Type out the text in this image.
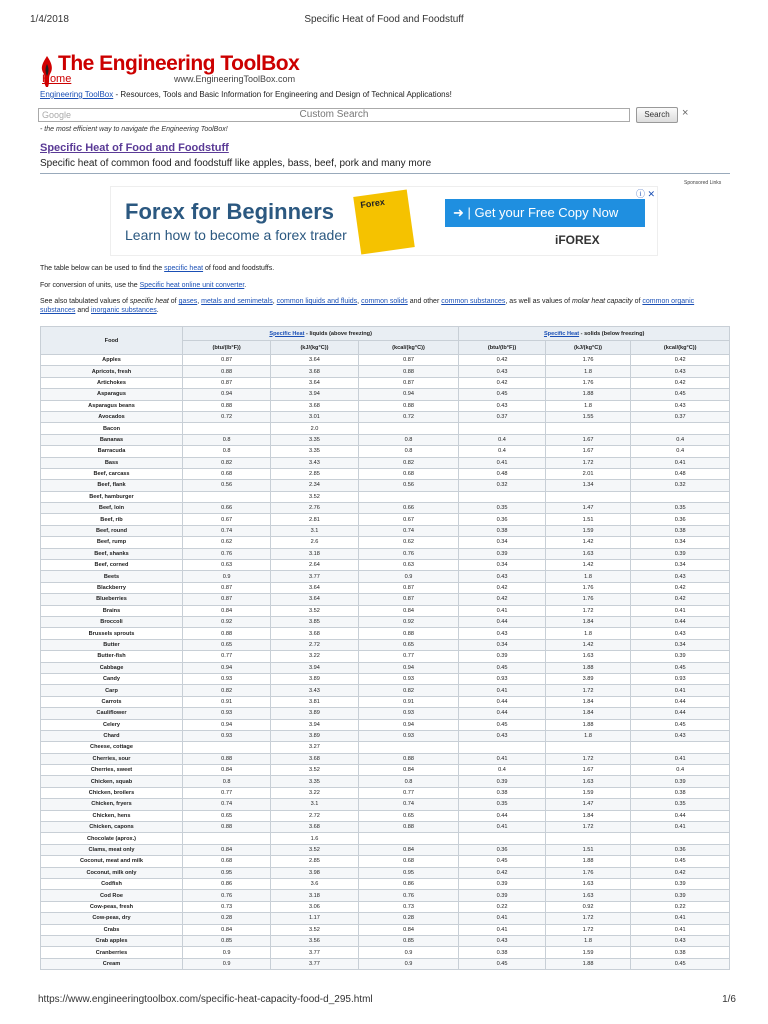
1/4/2018	Specific Heat of Food and Foodstuff
The Engineering ToolBox
Home	www.EngineeringToolBox.com
Engineering ToolBox - Resources, Tools and Basic Information for Engineering and Design of Technical Applications!
Google	Custom Search	Search	×
- the most efficient way to navigate the Engineering ToolBox!
Specific Heat of Food and Foodstuff
Specific heat of common food and foodstuff like apples, bass, beef, pork and many more
Sponsored Links
Forex for Beginners
Learn how to become a forex trader
Forex
➜ | Get your Free Copy Now
iFOREX
ⓘ ✕
The table below can be used to find the specific heat of food and foodstuffs.
For conversion of units, use the Specific heat online unit converter.
See also tabulated values of specific heat of gases, metals and semimetals, common liquids and fluids, common solids and other common substances, as well as values of molar heat capacity of common organic substances and inorganic substances.
Food	Specific Heat - liquids (above freezing)			Specific Heat - solids (below freezing)		
	(btu/(lb°F))	(kJ/(kg°C))	(kcal/(kg°C))	(btu/(lb°F))	(kJ/(kg°C))	(kcal/(kg°C))
Apples	0.87	3.64	0.87	0.42	1.76	0.42
Apricots, fresh	0.88	3.68	0.88	0.43	1.8	0.43
Artichokes	0.87	3.64	0.87	0.42	1.76	0.42
Asparagus	0.94	3.94	0.94	0.45	1.88	0.45
Asparagus beans	0.88	3.68	0.88	0.43	1.8	0.43
Avocados	0.72	3.01	0.72	0.37	1.55	0.37
Bacon		2.0				
Bananas	0.8	3.35	0.8	0.4	1.67	0.4
Barracuda	0.8	3.35	0.8	0.4	1.67	0.4
Bass	0.82	3.43	0.82	0.41	1.72	0.41
Beef, carcass	0.68	2.85	0.68	0.48	2.01	0.48
Beef, flank	0.56	2.34	0.56	0.32	1.34	0.32
Beef, hamburger		3.52				
Beef, loin	0.66	2.76	0.66	0.35	1.47	0.35
Beef, rib	0.67	2.81	0.67	0.36	1.51	0.36
Beef, round	0.74	3.1	0.74	0.38	1.59	0.38
Beef, rump	0.62	2.6	0.62	0.34	1.42	0.34
Beef, shanks	0.76	3.18	0.76	0.39	1.63	0.39
Beef, corned	0.63	2.64	0.63	0.34	1.42	0.34
Beets	0.9	3.77	0.9	0.43	1.8	0.43
Blackberry	0.87	3.64	0.87	0.42	1.76	0.42
Blueberries	0.87	3.64	0.87	0.42	1.76	0.42
Brains	0.84	3.52	0.84	0.41	1.72	0.41
Broccoli	0.92	3.85	0.92	0.44	1.84	0.44
Brussels sprouts	0.88	3.68	0.88	0.43	1.8	0.43
Butter	0.65	2.72	0.65	0.34	1.42	0.34
Butter-fish	0.77	3.22	0.77	0.39	1.63	0.39
Cabbage	0.94	3.94	0.94	0.45	1.88	0.45
Candy	0.93	3.89	0.93	0.93	3.89	0.93
Carp	0.82	3.43	0.82	0.41	1.72	0.41
Carrots	0.91	3.81	0.91	0.44	1.84	0.44
Cauliflower	0.93	3.89	0.93	0.44	1.84	0.44
Celery	0.94	3.94	0.94	0.45	1.88	0.45
Chard	0.93	3.89	0.93	0.43	1.8	0.43
Cheese, cottage		3.27				
Cherries, sour	0.88	3.68	0.88	0.41	1.72	0.41
Cherries, sweet	0.84	3.52	0.84	0.4	1.67	0.4
Chicken, squab	0.8	3.35	0.8	0.39	1.63	0.39
Chicken, broilers	0.77	3.22	0.77	0.38	1.59	0.38
Chicken, fryers	0.74	3.1	0.74	0.35	1.47	0.35
Chicken, hens	0.65	2.72	0.65	0.44	1.84	0.44
Chicken, capons	0.88	3.68	0.88	0.41	1.72	0.41
Chocolate (aprox.)		1.6				
Clams, meat only	0.84	3.52	0.84	0.36	1.51	0.36
Coconut, meat and milk	0.68	2.85	0.68	0.45	1.88	0.45
Coconut, milk only	0.95	3.98	0.95	0.42	1.76	0.42
Codfish	0.86	3.6	0.86	0.39	1.63	0.39
Cod Roe	0.76	3.18	0.76	0.39	1.63	0.39
Cow-peas, fresh	0.73	3.06	0.73	0.22	0.92	0.22
Cow-peas, dry	0.28	1.17	0.28	0.41	1.72	0.41
Crabs	0.84	3.52	0.84	0.41	1.72	0.41
Crab apples	0.85	3.56	0.85	0.43	1.8	0.43
Cranberries	0.9	3.77	0.9	0.38	1.59	0.38
Cream	0.9	3.77	0.9	0.45	1.88	0.45
https://www.engineeringtoolbox.com/specific-heat-capacity-food-d_295.html	1/6
